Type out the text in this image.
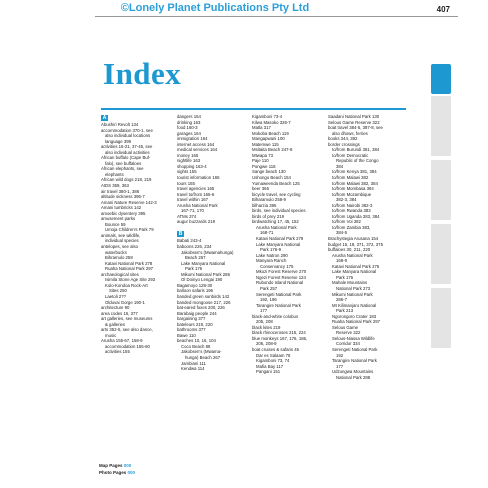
©Lonely Planet Publications Pty Ltd	407
Index
A
Abushiri Revolt 134
accommodation 370-1, see
also individual locations
language 399
activities 16-21, 37-45, see
also individual activities
African buffalo (Cape Buf-
falo), see buffaloes
African elephants, see
elephants
African wild dogs 218, 219
AIDS 359, 363
air travel 380-1, 386
altitude sickness 396-7
Amani Nature Reserve 142-3
Amani tumbricks 142
amoebic dysentery 395
amusement parks
Bounce 59
Umoja Children's Park 79
animals, see wildlife,
individual species
antelopes, see also
waterbucks
Bihramulo 258
Katavi National Park 278
Ruaha National Park 297
archaeological sites
Isimila Stone Age Site 293
Kolo-Kondoa Rock-Art
Sites 250
Laetoli 2??
Olduvai Gorge 190-1
architecture 90
area codes 15, 377
art galleries, see museums
& galleries
arts 352-5, see also dance,
music
Arusha 155-67, 158-9
accommodation 155-60
activities 155
dangers 164
drinking 163
food 160-3
garages 164
immigration 164
internet access 164
medical services 164
money 165
nightlife 163
shopping 163-4
sights 155
tourist information 165
tours 155
travel agencies 165
travel to/from 165-6
travel within 167
Arusha National Park
167-71, 170
ATMs 374
augur buzzards 219

B
Babati 243-4
baboons 226, 234
Jakobsen's (Mwamahunga)
Beach 267
Lake Manyara National
Park 176
Mikumi National Park 286
Ol Doinyo Lengai 190
Bagamoyo 128-30
balloon safaris 196
banded green sunbirds 142
banded mongoose 217, 226
bat-eared foxes 200, 226
Barabaig people 244
bargaining 377
bateleurs 219, 220
bathrooms 377
Bawe 110
beaches 10, 16, 104
Coco Beach 88
Jakobsen's (Mwama-
hunga) Beach 267
Jambiani 111
Kendwa 114
Kigamboni 73-4
Kilwa Masoko 326-7
Matla 317
Mokoba Beach 119
Mangapwani 100
Matemwe 115
Msitaita Beach 247-8
Mtwapa 73
Paje 110
Pongwe 118
Sange beach 130
Ushongo Beach 154
Yumaweenda Beach 125
beer 366
bicycle travel, see cycling
Biharamulo 258-9
bilharzia 395
birds, see individual species
birds of prey 219
birdwatching 17, 45, 152
Arusha National Park
168-71
Katavi National Park 279
Lake Manyara National
Park 176-9
Lake Natron 290
Manyara Ranch
Conservancy 175
Mkozi Forest Reserve 270
Ngezi Forest Reserve 124
Rubondo Island National
Park 257
Serengeti National Park
192, 196
Tarangire National Park
177
black-and-white colobus
205, 208
black kites 219
black rhinoceroses 215, 224
blue monkeys 167, 176, 186,
206, 208-9
boat cruises & safaris 45
Dar es Salaam 78
Kigamboni 73, 74
Mafia Bay 117
Pangani 151
Saadani National Park 130
Selous Game Reserve 322
boat travel 384-5, 387-8, see
also dhows, ferries
books 344, 392
border crossings
to/from Burundi 381, 384
to/from Democratic
Republic of the Congo
384
to/from Kenya 381, 384
to/from Malawi 382
to/from Malawi 382, 384
to/from Mombasa 384
to/from Mozambique
382-3, 384
to/from Nairobi 382-3
to/from Rwanda 383
to/from Uganda 383, 384
to/from Voi 382
to/from Zambia 383,
384-5
Brachystegia Arusana 154
budget 15, 18, 371, 372, 375
buffaloes 30, 211, 220
Arusha National Park
168-9
Katavi National Park 275
Lake Manyara National
Park 176
Mahale Mountains
National Park 273
Mikumi National Park
286-7
Mt Kilimanjaro National
Park 213
Ngorongoro Crater 183
Ruaha National Park 297
Selous Game
Reserve 322
Selous-Niassa Wildlife
Corridor 334
Serengeti National Park
192
Tarangire National Park
177
Udzungwa Mountains
National Park 288
Map Pages 000
Photo Pages 000
